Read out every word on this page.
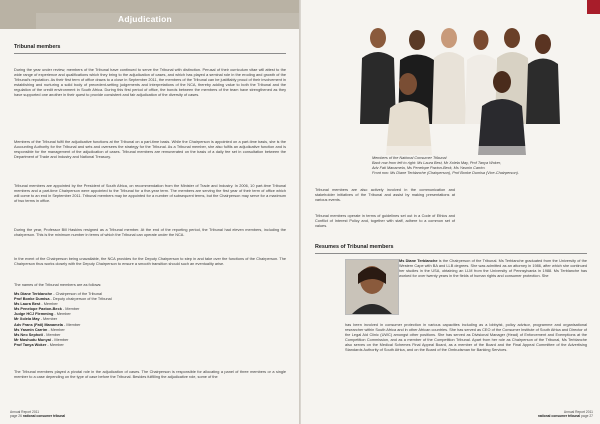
Adjudication
Tribunal members

During the year under review, members of the Tribunal have continued to serve the Tribunal with distinction. Perusal of their curriculum vitae will attest to the wide range of experience and qualifications which they bring to the adjudication of cases, and which has played a seminal role in the eroding and growth of the Tribunal's reputation. As their first term of office draws to a close in September 2011, the members of the Tribunal can be justifiably proud of their involvement in establishing and nurturing a solid body of precedent-setting judgements and interpretations of the NCA, thereby adding value to both the Tribunal and the regulation of the credit environment in South Africa. During this first period of office, the bonds between the members of the team have strengthened as they have supported one another in their quest to provide consistent and fair adjudication of the diversity of cases.

Members of the Tribunal fulfil the adjudicative functions at the Tribunal on a part-time basis. While the Chairperson is appointed on a part-time basis, she is the Accounting Authority for the Tribunal and sets and oversees the strategy for the Tribunal. As a Tribunal member, she also fulfils an adjudicative function and is responsible for the management of the adjudication of cases. Tribunal members are remunerated on the basis of a daily fee set in consultation between the Department of Trade and Industry and National Treasury.

Tribunal members are appointed by the President of South Africa, on recommendation from the Minister of Trade and Industry. In 2006, 10 part-time Tribunal members and a part-time Chairperson were appointed to the Tribunal for a five-year term. The members are serving the first year of their term of office which will come to an end in September 2011. Tribunal members may be appointed for a number of subsequent terms, but the Chairperson may serve for a maximum of two terms in office.

During the year, Professor Bill Haskins resigned as a Tribunal member. At the end of the reporting period, the Tribunal had eleven members, including the chairperson. This is the minimum number in terms of which the Tribunal can operate under the NCA.

In the event of the Chairperson being unavailable, the NCA provides for the Deputy Chairperson to step in and take over the functions of the Chairperson. The Chairperson thus works closely with the Deputy Chairperson to ensure a smooth transition should such an eventuality arise.

The names of the Tribunal members are as follows:

Ms Diane Terblanche - Chairperson of the Tribunal
Prof Bonke Dumisa - Deputy chairperson of the Tribunal
Ms Laura Best - Member
Ms Penelope Paxton-Beck - Member
Judge HCJ Flemming - Member
Mr Xolela May - Member
Adv Frans (Fati) Manamela - Member
Ms Yasmin Carrim - Member
Ms Neo Sephoti - Member
Mr Mashudu Munyai - Member
Prof Tanya Woker - Member

The Tribunal members played a pivotal role in the adjudication of cases. The Chairperson is responsible for allocating a panel of three members or a single member to a case depending on the type of case before the Tribunal. Besides fulfilling the adjudicative role, some of the

Annual Report 2011
page 26 national consumer tribunal
Members of the National Consumer Tribunal
Back row from left to right: Ms Laura Best, Mr Xolela May, Prof Tanya Woker,
Adv Fati Manamela, Ms Penelope Paxton-Beck, Ms Yasmin Carrim.
Front row: Ms Diane Terblanche (Chairperson), Prof Bonke Dumisa (Vice-Chairperson).

Tribunal members are also actively involved in the communication and stakeholder initiatives of the Tribunal and assist by making presentations at various events.

Tribunal members operate in terms of guidelines set out in a Code of Ethics and Conflict of Interest Policy and, together with staff, adhere to a common set of values.

Resumes of Tribunal members

Ms Diane Terblanche is the Chairperson of the Tribunal. Ms Terblanche graduated from the University of the Western Cape with BA and LLB degrees. She was admitted as an attorney in 1986, after which she continued her studies in the USA, obtaining an LLM from the University of Pennsylvania in 1988. Ms Terblanche has worked for over twenty years in the fields of human rights and consumer protection. She

has been involved in consumer protection in various capacities including as a lobbyist, policy advisor, programme and organisational researcher within South Africa and in other African countries. She has served as CEO of the Consumer Institute of South Africa and Director of the Legal Aid Clinic (UWC) amongst other positions. She has served as Divisional Manager (Head) of Enforcement and Exemptions at the Competition Commission, and as a member of the Competition Tribunal. Apart from her role as Chairperson of the Tribunal, Ms Terblanche also serves on the Medical Schemes Final Appeal Board, as a member of the Board and the Final Appeal Committee of the Advertising Standards Authority of South Africa, and on the Board of the Ombudsman for Banking Services.

Annual Report 2011
national consumer tribunal page 27
